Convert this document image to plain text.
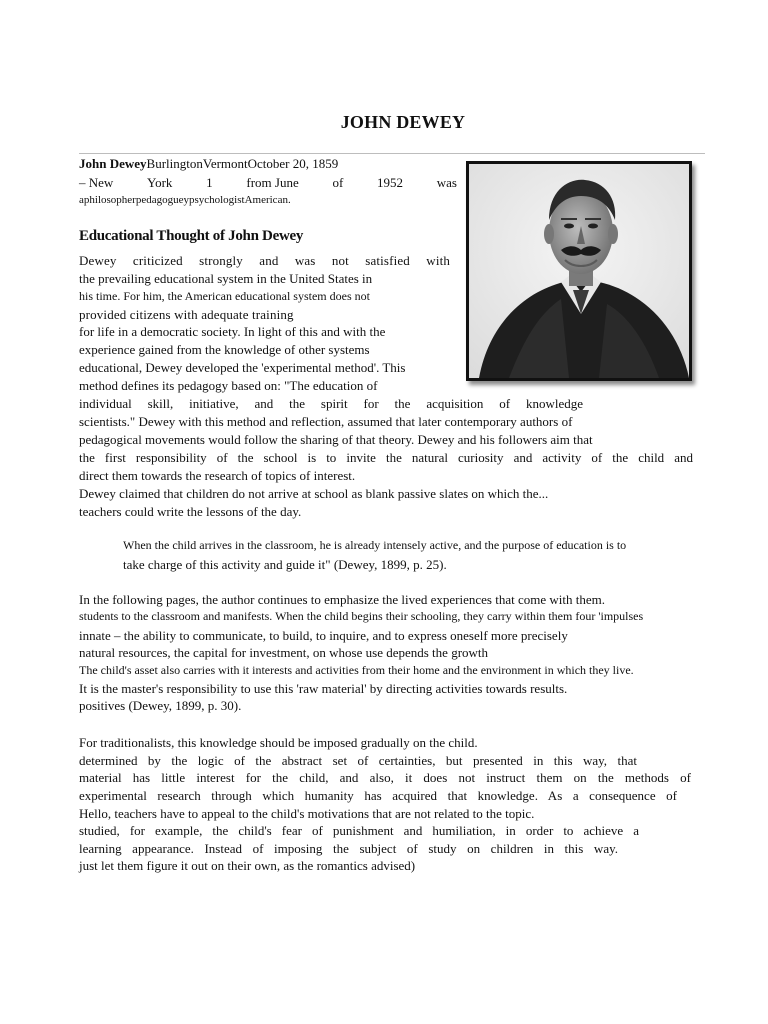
JOHN DEWEY
John DeweyBurlingtonVermontOctober 20, 1859
– New	York	1	from June	of	1952	was
aphilosopherpedagogueypsychologistAmerican.
Educational Thought of John Dewey
Dewey criticized strongly and was not satisfied with
the prevailing educational system in the United States in
his time. For him, the American educational system does not
provided citizens with adequate training
for life in a democratic society. In light of this and with the
experience gained from the knowledge of other systems
educational, Dewey developed the 'experimental method'. This
method defines its pedagogy based on: "The education of
individual skill, initiative, and the spirit for the acquisition of knowledge
scientists." Dewey with this method and reflection, assumed that later contemporary authors of
pedagogical movements would follow the sharing of that theory. Dewey and his followers aim that
the first responsibility of the school is to invite the natural curiosity and activity of the child and
direct them towards the research of topics of interest.
Dewey claimed that children do not arrive at school as blank passive slates on which the...
teachers could write the lessons of the day.
When the child arrives in the classroom, he is already intensely active, and the purpose of education is to
take charge of this activity and guide it" (Dewey, 1899, p. 25).
In the following pages, the author continues to emphasize the lived experiences that come with them.
students to the classroom and manifests. When the child begins their schooling, they carry within them four 'impulses
innate – the ability to communicate, to build, to inquire, and to express oneself more precisely
natural resources, the capital for investment, on whose use depends the growth
The child's asset also carries with it interests and activities from their home and the environment in which they live.
It is the master's responsibility to use this 'raw material' by directing activities towards results.
positives (Dewey, 1899, p. 30).
For traditionalists, this knowledge should be imposed gradually on the child.
determined by the logic of the abstract set of certainties, but presented in this way, that
material has little interest for the child, and also, it does not instruct them on the methods of
experimental research through which humanity has acquired that knowledge. As a consequence of
Hello, teachers have to appeal to the child's motivations that are not related to the topic.
studied, for example, the child's fear of punishment and humiliation, in order to achieve a
learning appearance. Instead of imposing the subject of study on children in this way.
just let them figure it out on their own, as the romantics advised)
